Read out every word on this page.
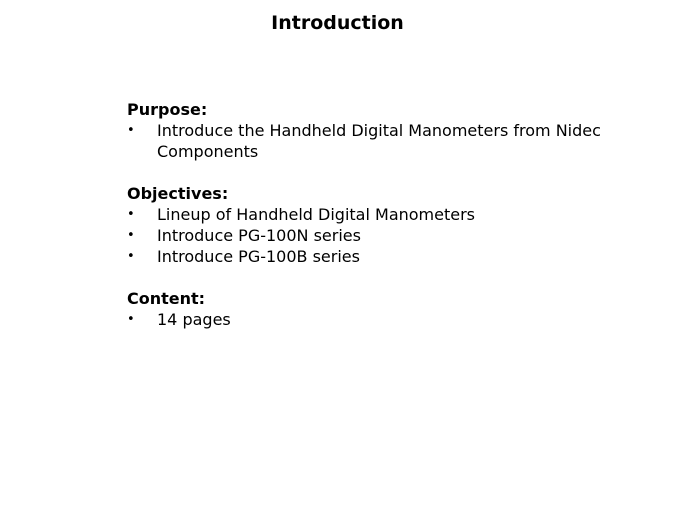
Introduction
Purpose:
•	Introduce the Handheld Digital Manometers from Nidec Components
Objectives:
•	Lineup of Handheld Digital Manometers
•	Introduce PG-100N series
•	Introduce PG-100B series
Content:
•	14 pages
